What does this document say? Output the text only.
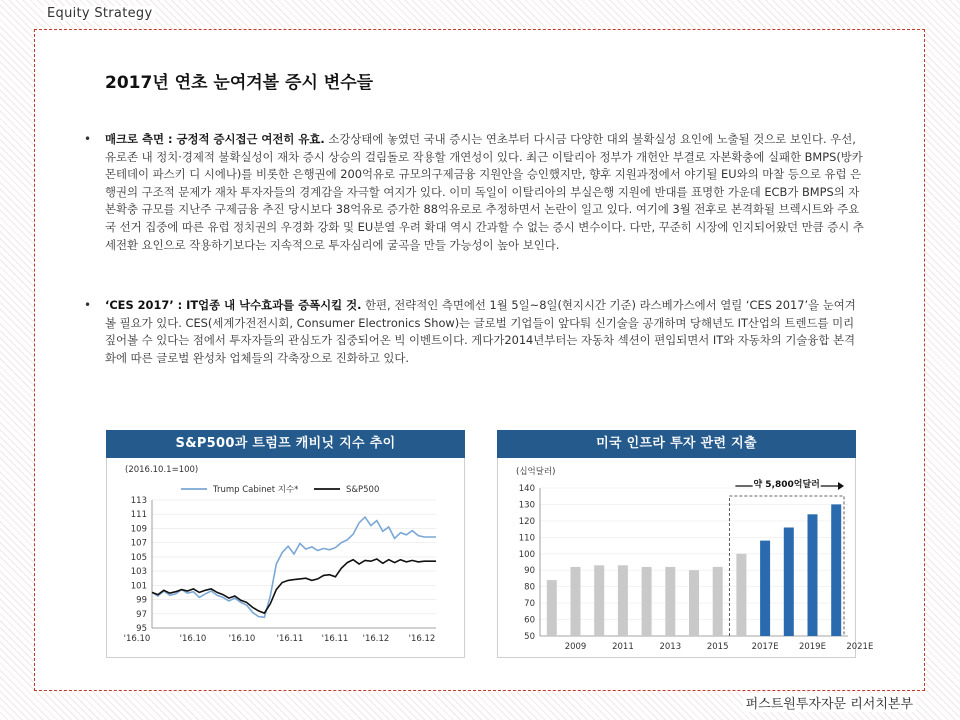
Equity Strategy
2017년 연초 눈여겨볼 증시 변수들
• 매크로 측면 : 긍정적 증시접근 여전히 유효. 소강상태에 놓였던 국내 증시는 연초부터 다시금 다양한 대외 불확실성 요인에 노출될 것으로 보인다. 우선, 유로존 내 정치·경제적 불확실성이 재차 증시 상승의 걸림돌로 작용할 개연성이 있다. 최근 이탈리아 정부가 개헌안 부결로 자본확충에 실패한 BMPS(방카 몬테데이 파스키 디 시에나)를 비롯한 은행권에 200억유로 규모의구제금융 지원안을 승인했지만, 향후 지원과정에서 야기될 EU와의 마찰 등으로 유럽 은행권의 구조적 문제가 재차 투자자들의 경계감을 자극할 여지가 있다. 이미 독일이 이탈리아의 부실은행 지원에 반대를 표명한 가운데 ECB가 BMPS의 자본확충 규모를 지난주 구제금융 추진 당시보다 38억유로 증가한 88억유로로 추정하면서 논란이 일고 있다. 여기에 3월 전후로 본격화될 브렉시트와 주요국 선거 집중에 따른 유럽 정치권의 우경화 강화 및 EU분열 우려 확대 역시 간과할 수 없는 증시 변수이다. 다만, 꾸준히 시장에 인지되어왔던 만큼 증시 추세전환 요인으로 작용하기보다는 지속적으로 투자심리에 굴곡을 만들 가능성이 높아 보인다.
• ‘CES 2017’ : IT업종 내 낙수효과를 증폭시킬 것. 한편, 전략적인 측면에선 1월 5일~8일(현지시간 기준) 라스베가스에서 열릴 ‘CES 2017’을 눈여겨볼 필요가 있다. CES(세계가전전시회, Consumer Electronics Show)는 글로벌 기업들이 앞다퉈 신기술을 공개하며 당해년도 IT산업의 트렌드를 미리 짚어볼 수 있다는 점에서 투자자들의 관심도가 집중되어온 빅 이벤트이다. 게다가2014년부터는 자동차 섹션이 편입되면서 IT와 자동차의 기술융합 본격화에 따른 글로벌 완성차 업체들의 각축장으로 진화하고 있다.
S&P500과 트럼프 캐비닛 지수 추이
(2016.10.1=100)
95
97
99
101
103
105
107
109
111
113
'16.10	'16.10	'16.10	'16.11 '16.11 '16.12 '16.12
Trump Cabinet 지수*	S&P500
미국 인프라 투자 관련 지출
(십억달러)
50
60
70
80
90
100
110
120
130
140
2009	2011	2013	2015	2017E 2019E 2021E
약 5,800억달러
퍼스트원투자자문 리서치본부
